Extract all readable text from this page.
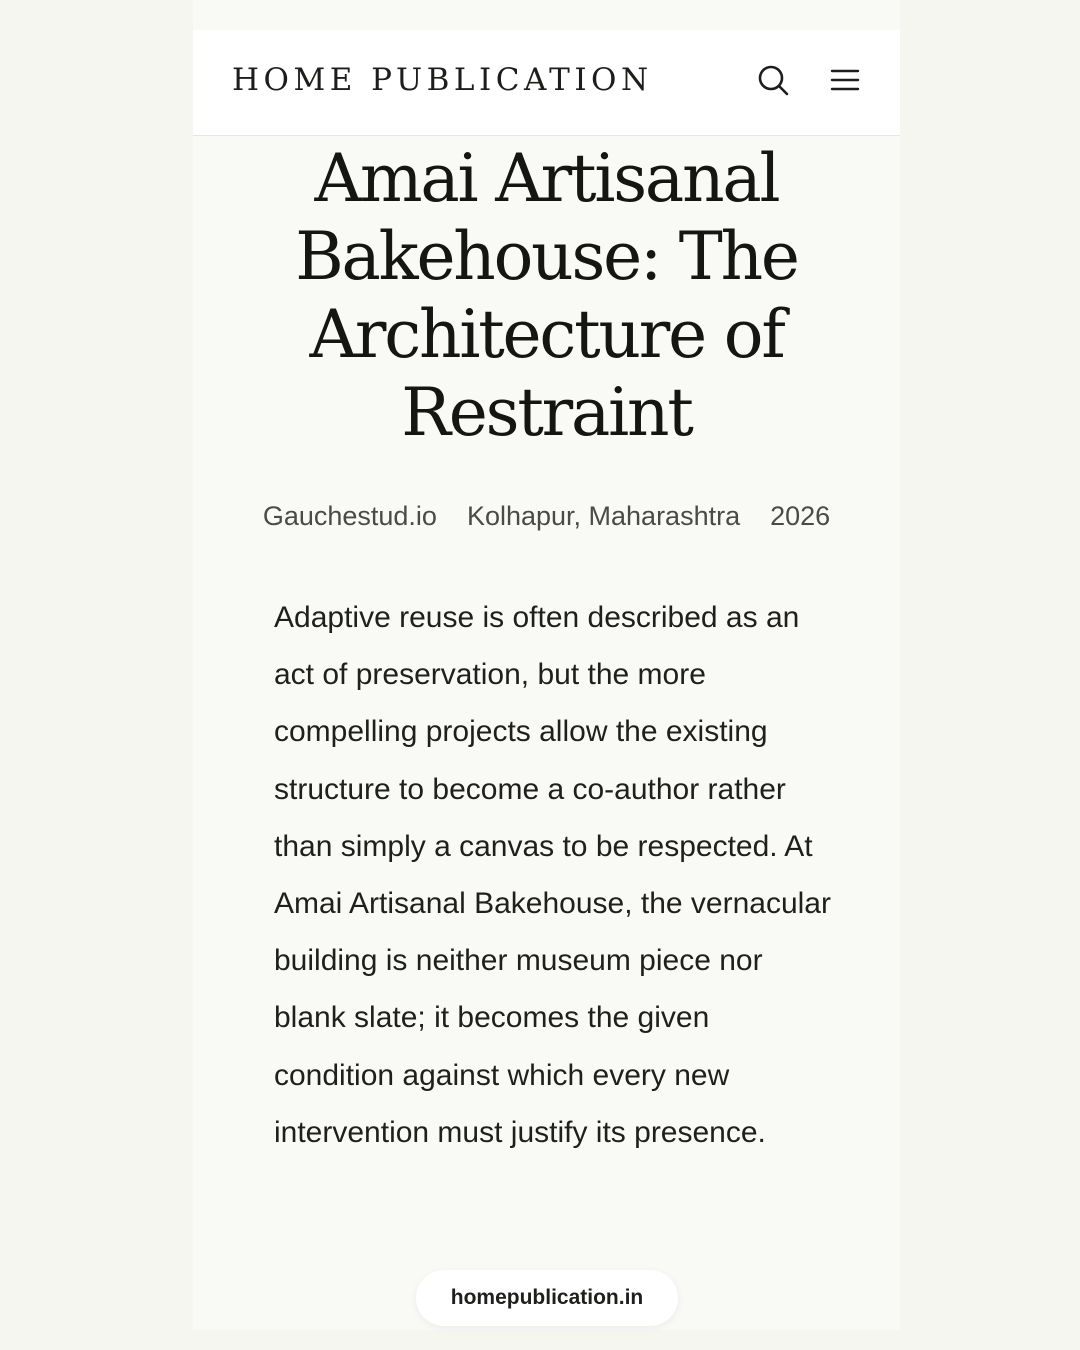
HOME PUBLICATION
Amai Artisanal Bakehouse: The Architecture of Restraint
Gauchestud.io Kolhapur, Maharashtra 2026

Adaptive reuse is often described as an act of preservation, but the more compelling projects allow the existing structure to become a co-author rather than simply a canvas to be respected. At Amai Artisanal Bakehouse, the vernacular building is neither museum piece nor blank slate; it becomes the given condition against which every new intervention must justify its presence.

homepublication.in
